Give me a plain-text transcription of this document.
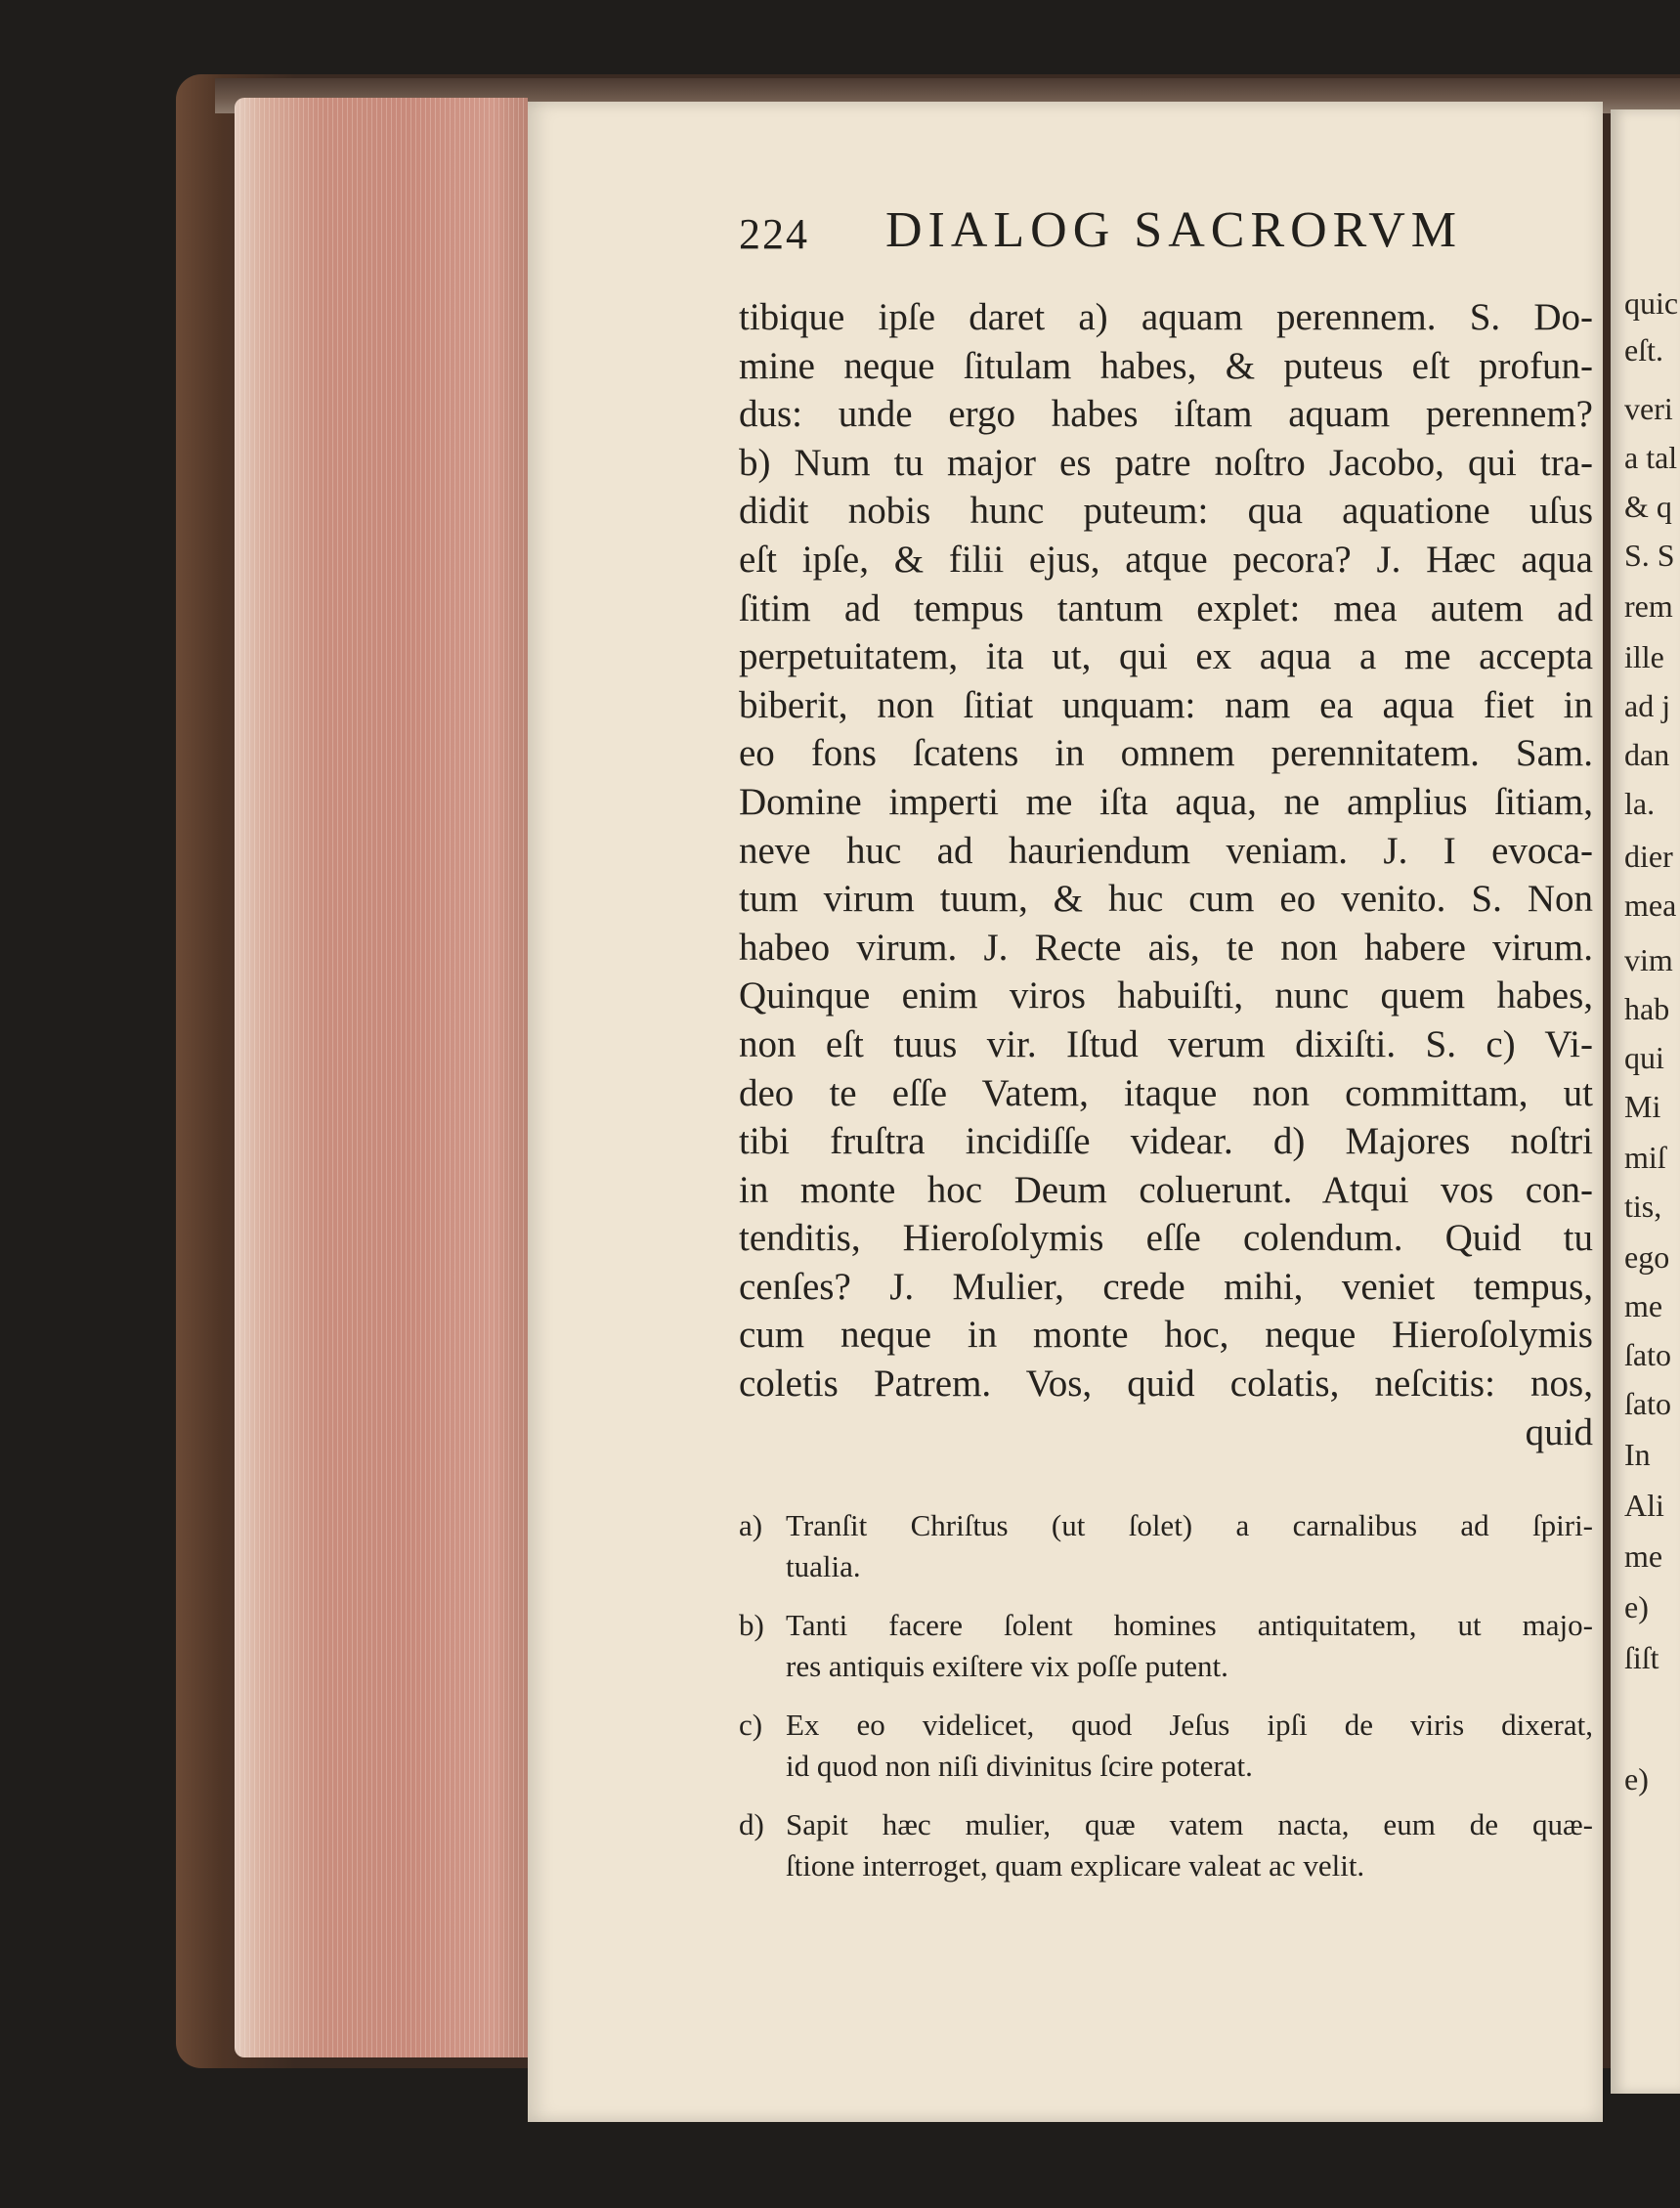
quic
eſt.
veri
a tal
& q
S. S
rem
ille
ad j
dan
la.
dier
mea
vim
hab
qui
Mi
miſ
tis,
ego
me
ſato
ſato
In
Ali
me
e)
ſiſt
e)
224 DIALOG SACRORVM
tibique ipſe daret a) aquam perennem. S. Do-
mine neque ſitulam habes, & puteus eſt profun-
dus: unde ergo habes iſtam aquam perennem?
b) Num tu major es patre noſtro Jacobo, qui tra-
didit nobis hunc puteum: qua aquatione uſus
eſt ipſe, & filii ejus, atque pecora? J. Hæc aqua
ſitim ad tempus tantum explet: mea autem ad
perpetuitatem, ita ut, qui ex aqua a me accepta
biberit, non ſitiat unquam: nam ea aqua fiet in
eo fons ſcatens in omnem perennitatem. Sam.
Domine imperti me iſta aqua, ne amplius ſitiam,
neve huc ad hauriendum veniam. J. I evoca-
tum virum tuum, & huc cum eo venito. S. Non
habeo virum. J. Recte ais, te non habere virum.
Quinque enim viros habuiſti, nunc quem habes,
non eſt tuus vir. Iſtud verum dixiſti. S. c) Vi-
deo te eſſe Vatem, itaque non committam, ut
tibi fruſtra incidiſſe videar. d) Majores noſtri
in monte hoc Deum coluerunt. Atqui vos con-
tenditis, Hieroſolymis eſſe colendum. Quid tu
cenſes? J. Mulier, crede mihi, veniet tempus,
cum neque in monte hoc, neque Hieroſolymis
coletis Patrem. Vos, quid colatis, neſcitis: nos,
quid
a) Tranſit Chriſtus (ut ſolet) a carnalibus ad ſpiri-
tualia.
b) Tanti facere ſolent homines antiquitatem, ut majo-
res antiquis exiſtere vix poſſe putent.
c) Ex eo videlicet, quod Jeſus ipſi de viris dixerat,
id quod non niſi divinitus ſcire poterat.
d) Sapit hæc mulier, quæ vatem nacta, eum de quæ-
ſtione interroget, quam explicare valeat ac velit.
